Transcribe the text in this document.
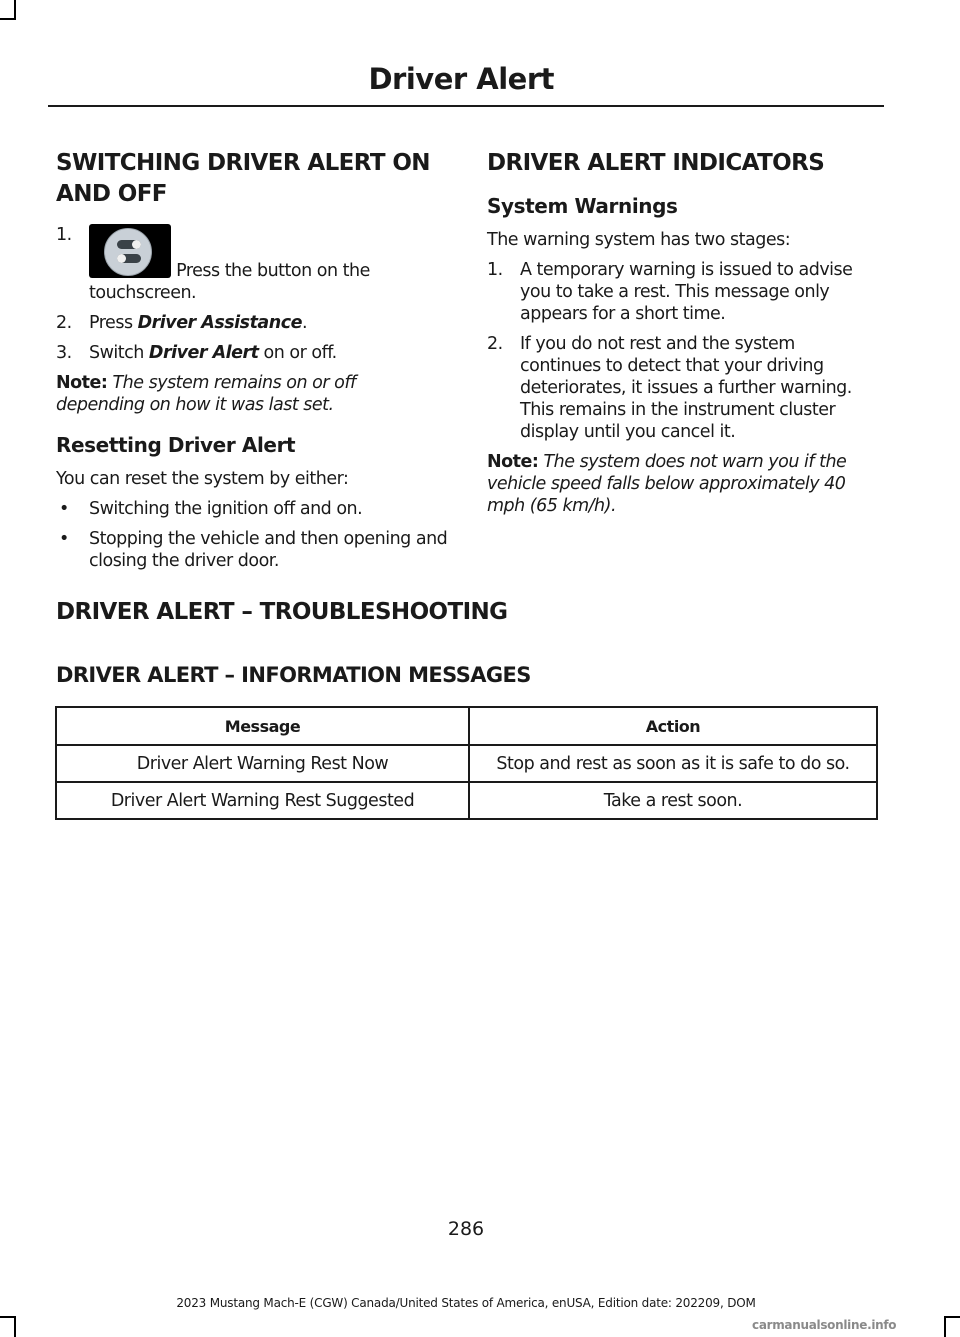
Driver Alert
SWITCHING DRIVER ALERT ON AND OFF
1.
Press the button on the touchscreen.
2. Press Driver Assistance.
3. Switch Driver Alert on or off.

Note: The system remains on or off depending on how it was last set.

Resetting Driver Alert

You can reset the system by either:

• Switching the ignition off and on.
• Stopping the vehicle and then opening and closing the driver door.
DRIVER ALERT INDICATORS
System Warnings

The warning system has two stages:

1. A temporary warning is issued to advise you to take a rest. This message only appears for a short time.
2. If you do not rest and the system continues to detect that your driving deteriorates, it issues a further warning. This remains in the instrument cluster display until you cancel it.

Note: The system does not warn you if the vehicle speed falls below approximately 40 mph (65 km/h).

DRIVER ALERT – TROUBLESHOOTING
DRIVER ALERT – INFORMATION MESSAGES
Message	Action
Driver Alert Warning Rest Now	Stop and rest as soon as it is safe to do so.
Driver Alert Warning Rest Suggested	Take a rest soon.
286
2023 Mustang Mach-E (CGW) Canada/United States of America, enUSA, Edition date: 202209, DOM
carmanualsonline.info
